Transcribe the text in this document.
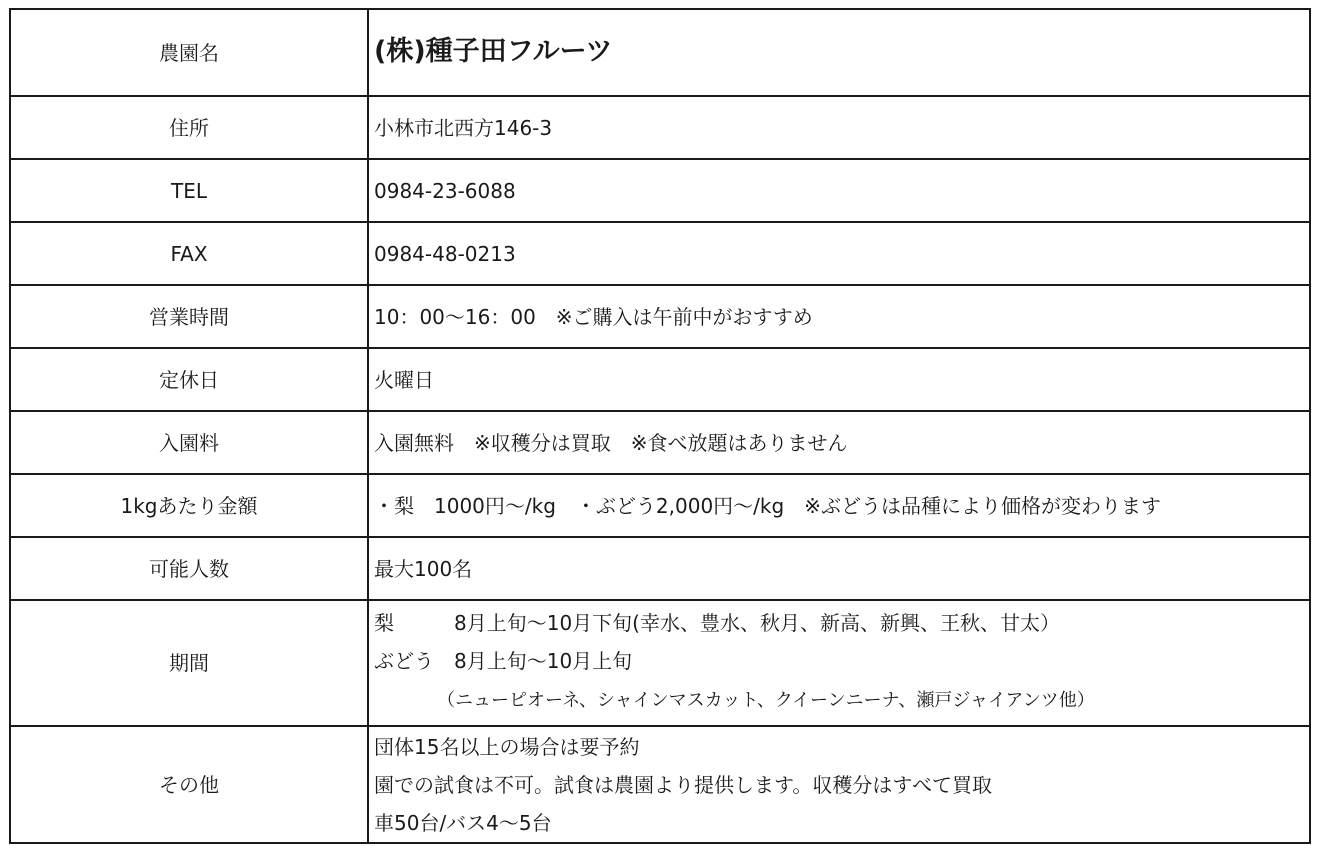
農園名	(株)種子田フルーツ
住所	小林市北西方146-3
TEL	0984-23-6088
FAX	0984-48-0213
営業時間	10：00〜16：00　※ご購入は午前中がおすすめ
定休日	火曜日
入園料	入園無料　※収穫分は買取　※食べ放題はありません
1kgあたり金額	・梨　1000円〜/kg　・ぶどう2,000円〜/kg　※ぶどうは品種により価格が変わります
可能人数	最大100名
期間	梨　　　8月上旬〜10月下旬(幸水、豊水、秋月、新高、新興、王秋、甘太）
ぶどう　8月上旬〜10月上旬
　　　　（ニューピオーネ、シャインマスカット、クイーンニーナ、瀬戸ジャイアンツ他）

その他	団体15名以上の場合は要予約
園での試食は不可。試食は農園より提供します。収穫分はすべて買取
車50台/バス4〜5台
